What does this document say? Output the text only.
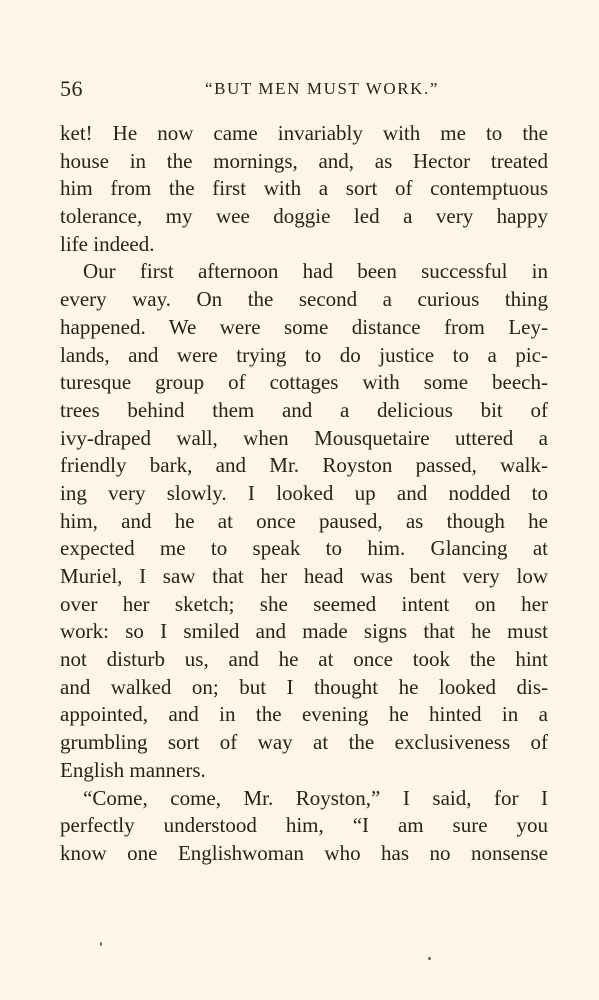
56	“BUT MEN MUST WORK.”
ket! He now came invariably with me to the
house in the mornings, and, as Hector treated
him from the first with a sort of contemptuous
tolerance, my wee doggie led a very happy
life indeed.
Our first afternoon had been successful in
every way. On the second a curious thing
happened. We were some distance from Ley-
lands, and were trying to do justice to a pic-
turesque group of cottages with some beech-
trees behind them and a delicious bit of
ivy-draped wall, when Mousquetaire uttered a
friendly bark, and Mr. Royston passed, walk-
ing very slowly. I looked up and nodded to
him, and he at once paused, as though he
expected me to speak to him. Glancing at
Muriel, I saw that her head was bent very low
over her sketch; she seemed intent on her
work: so I smiled and made signs that he must
not disturb us, and he at once took the hint
and walked on; but I thought he looked dis-
appointed, and in the evening he hinted in a
grumbling sort of way at the exclusiveness of
English manners.
“Come, come, Mr. Royston,” I said, for I
perfectly understood him, “I am sure you
know one Englishwoman who has no nonsense
